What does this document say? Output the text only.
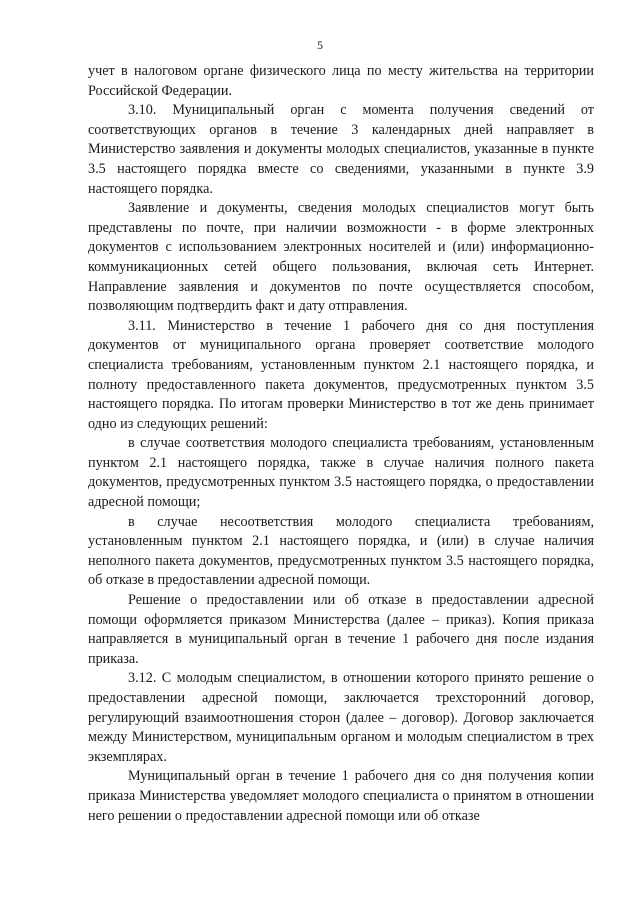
5

учет в налоговом органе физического лица по месту жительства на территории Российской Федерации.

3.10. Муниципальный орган с момента получения сведений от соответствующих органов в течение 3 календарных дней направляет в Министерство заявления и документы молодых специалистов, указанные в пункте 3.5 настоящего порядка вместе со сведениями, указанными в пункте 3.9 настоящего порядка.

Заявление и документы, сведения молодых специалистов могут быть представлены по почте, при наличии возможности - в форме электронных документов с использованием электронных носителей и (или) информационно-коммуникационных сетей общего пользования, включая сеть Интернет. Направление заявления и документов по почте осуществляется способом, позволяющим подтвердить факт и дату отправления.

3.11. Министерство в течение 1 рабочего дня со дня поступления документов от муниципального органа проверяет соответствие молодого специалиста требованиям, установленным пунктом 2.1 настоящего порядка, и полноту предоставленного пакета документов, предусмотренных пунктом 3.5 настоящего порядка. По итогам проверки Министерство в тот же день принимает одно из следующих решений:

в случае соответствия молодого специалиста требованиям, установленным пунктом 2.1 настоящего порядка, также в случае наличия полного пакета документов, предусмотренных пунктом 3.5 настоящего порядка, о предоставлении адресной помощи;

в случае несоответствия молодого специалиста требованиям, установленным пунктом 2.1 настоящего порядка, и (или) в случае наличия неполного пакета документов, предусмотренных пунктом 3.5 настоящего порядка, об отказе в предоставлении адресной помощи.

Решение о предоставлении или об отказе в предоставлении адресной помощи оформляется приказом Министерства (далее – приказ). Копия приказа направляется в муниципальный орган в течение 1 рабочего дня после издания приказа.

3.12. С молодым специалистом, в отношении которого принято решение о предоставлении адресной помощи, заключается трехсторонний договор, регулирующий взаимоотношения сторон (далее – договор). Договор заключается между Министерством, муниципальным органом и молодым специалистом в трех экземплярах.

Муниципальный орган в течение 1 рабочего дня со дня получения копии приказа Министерства уведомляет молодого специалиста о принятом в отношении него решении о предоставлении адресной помощи или об отказе
